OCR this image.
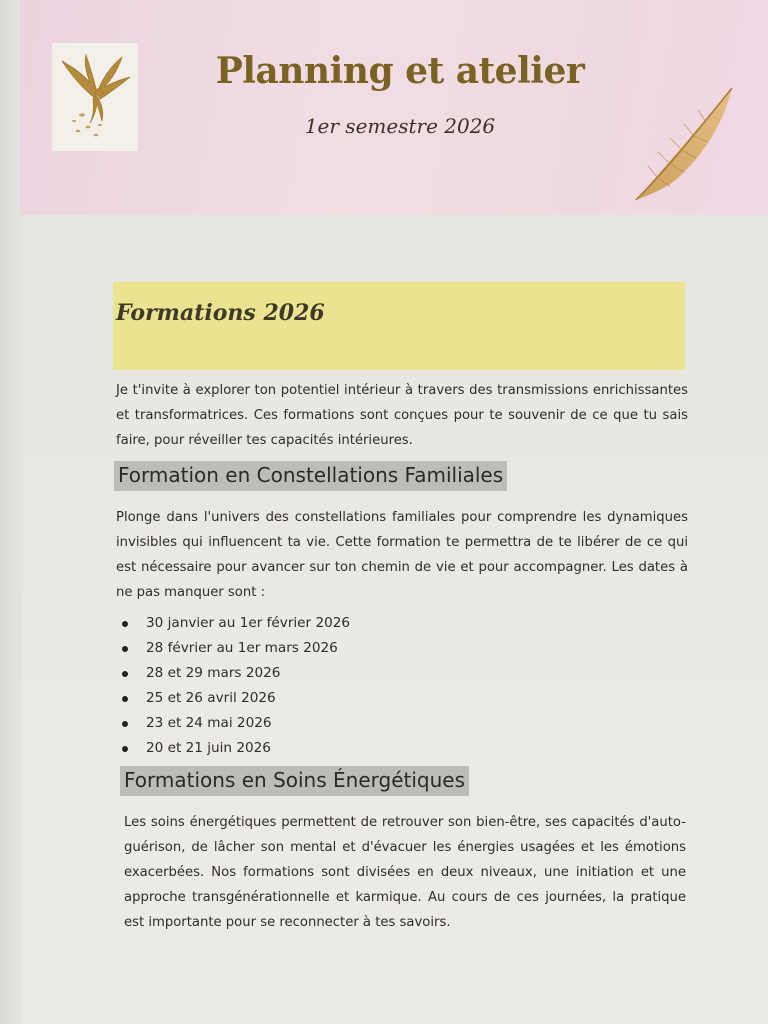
Planning et atelier
1er semestre 2026
Formations 2026

Je t'invite à explorer ton potentiel intérieur à travers des transmissions enrichissantes et transformatrices. Ces formations sont conçues pour te souvenir de ce que tu sais faire, pour réveiller tes capacités intérieures.

Formation en Constellations Familiales

Plonge dans l'univers des constellations familiales pour comprendre les dynamiques invisibles qui influencent ta vie. Cette formation te permettra de te libérer de ce qui est nécessaire pour avancer sur ton chemin de vie et pour accompagner. Les dates à ne pas manquer sont :

30 janvier au 1er février 2026
28 février au 1er mars 2026
28 et 29 mars 2026
25 et 26 avril 2026
23 et 24 mai 2026
20 et 21 juin 2026
Formations en Soins Énergétiques

Les soins énergétiques permettent de retrouver son bien-être, ses capacités d'auto-guérison, de lâcher son mental et d'évacuer les énergies usagées et les émotions exacerbées. Nos formations sont divisées en deux niveaux, une initiation et une approche transgénérationnelle et karmique. Au cours de ces journées, la pratique est importante pour se reconnecter à tes savoirs.
